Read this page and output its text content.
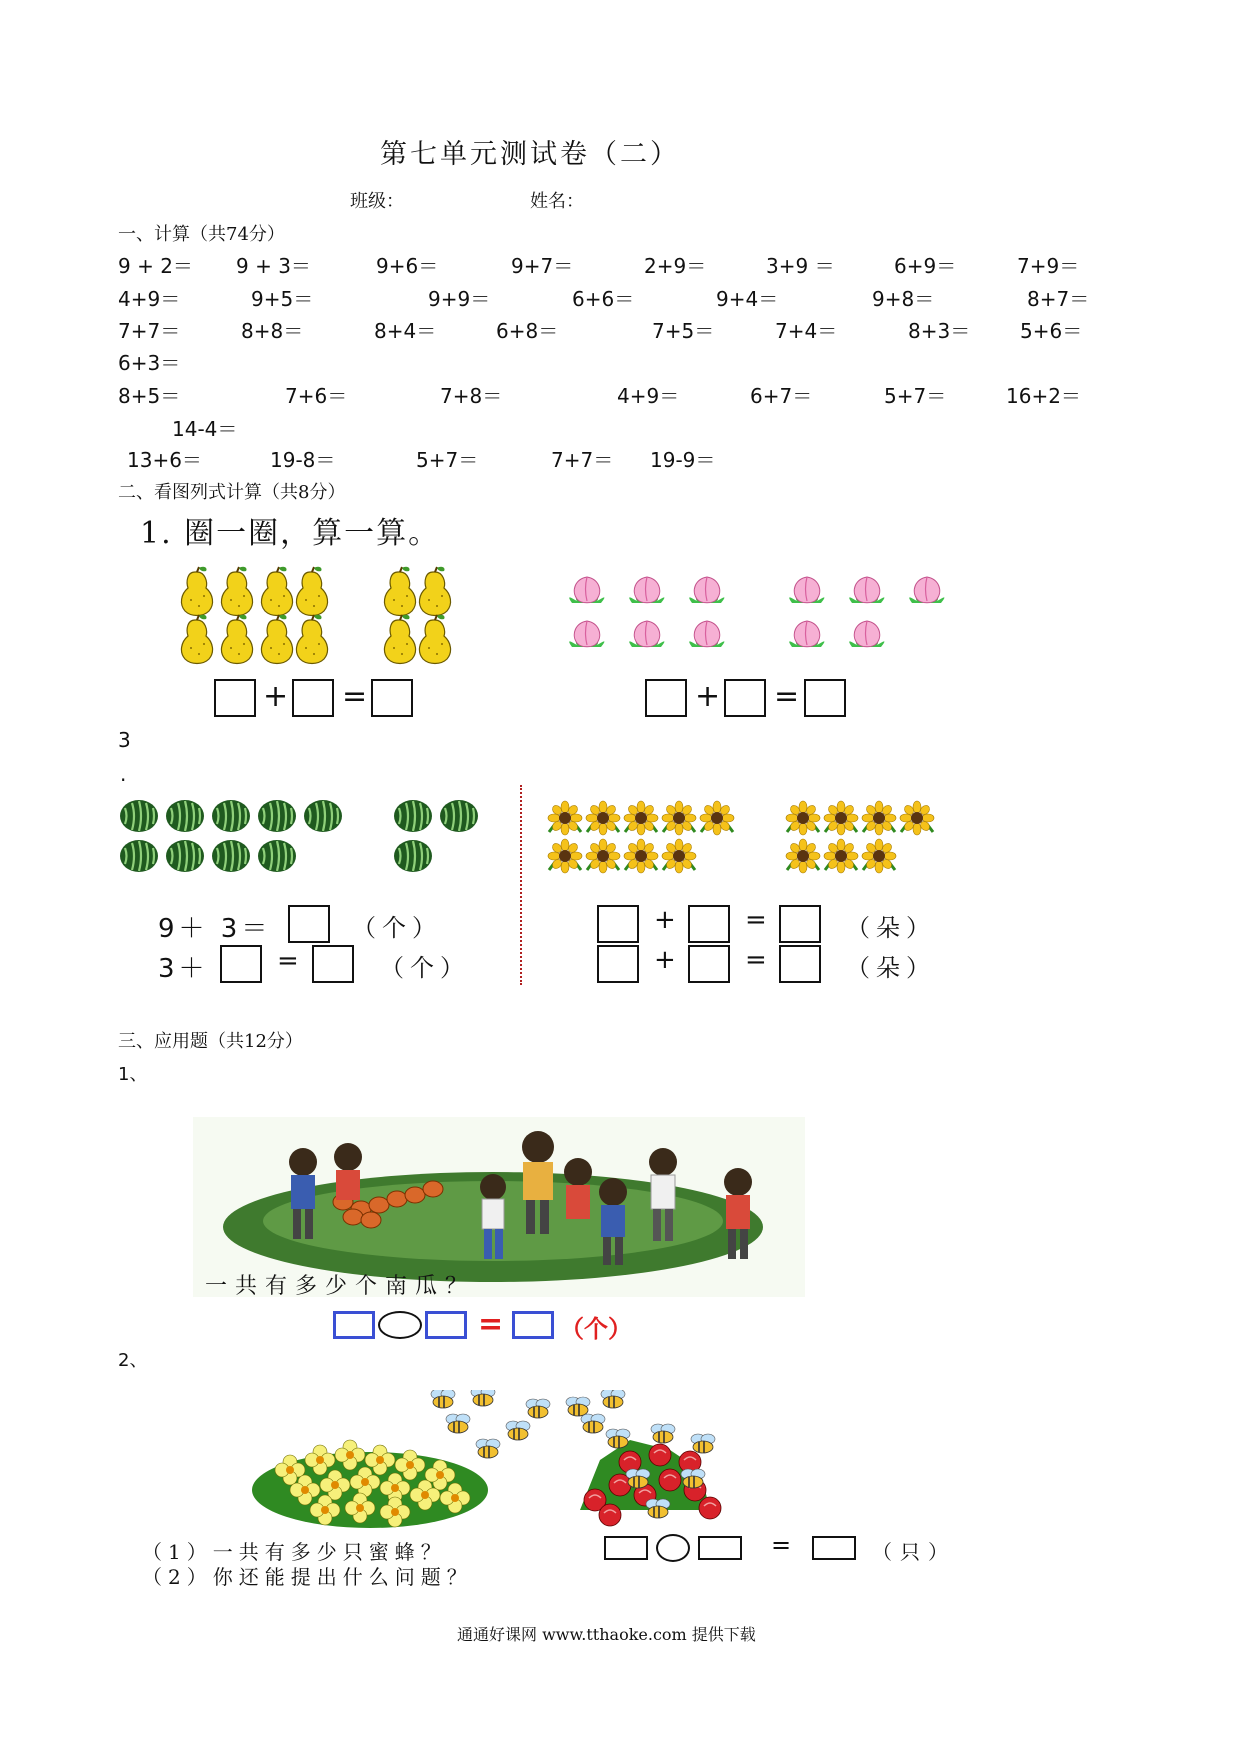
第七单元测试卷（二）
班级：	姓名：
一、计算（共74分）
9 + 2＝ 9 + 3＝	9+6＝	9+7＝	2+9＝	3+9 ＝	6+9＝	7+9＝
4+9＝	9+5＝	9+9＝	6+6＝	9+4＝	9+8＝	8+7＝
7+7＝	8+8＝	8+4＝	6+8＝	7+5＝	7+4＝	8+3＝ 5+6＝
6+3＝
8+5＝	7+6＝	7+8＝	4+9＝	6+7＝	5+7＝	16+2＝
14-4＝
13+6＝	19-8＝	5+7＝	7+7＝ 19-9＝
二、看图列式计算（共8分）
1. 圈一圈，算一算。
+ =	+ =
3
.
9＋ 3＝	（个）
3＋	=	（个）
+	=	（朵）
+	=	（朵）
三、应用题（共12分）
1、
一共有多少个南瓜？
= （个）
2、
（1）一共有多少只蜜蜂？	=	（只）
（2）你还能提出什么问题？
通通好课网 www.tthaoke.com 提供下载
